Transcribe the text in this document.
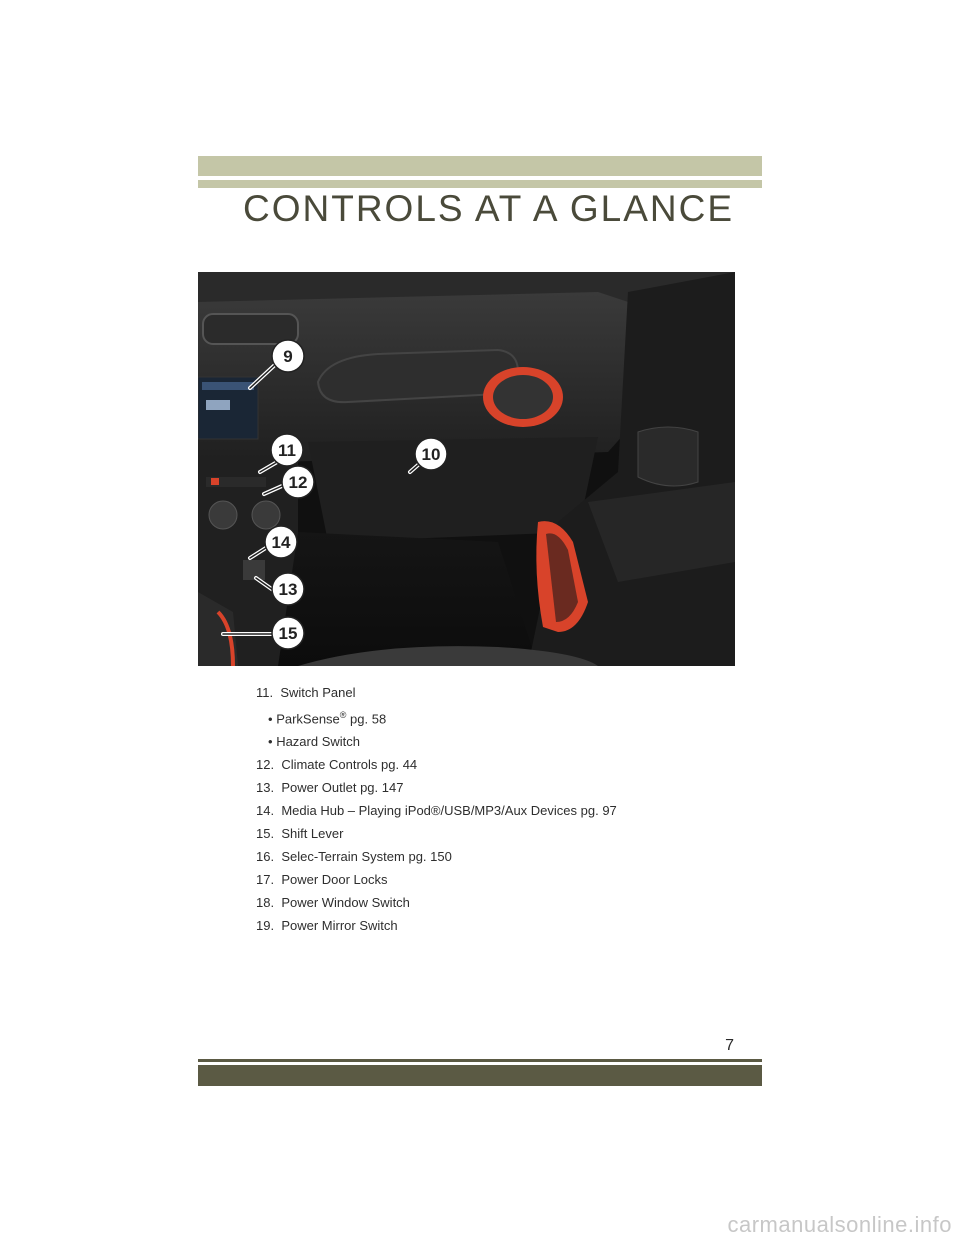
CONTROLS AT A GLANCE
9
10
11
12
14
13
15
11. Switch Panel
• ParkSense® pg. 58
• Hazard Switch
12. Climate Controls pg. 44
13. Power Outlet pg. 147
14. Media Hub – Playing iPod®/USB/MP3/Aux Devices pg. 97
15. Shift Lever
16. Selec-Terrain System pg. 150
17. Power Door Locks
18. Power Window Switch
19. Power Mirror Switch
7
carmanualsonline.info
